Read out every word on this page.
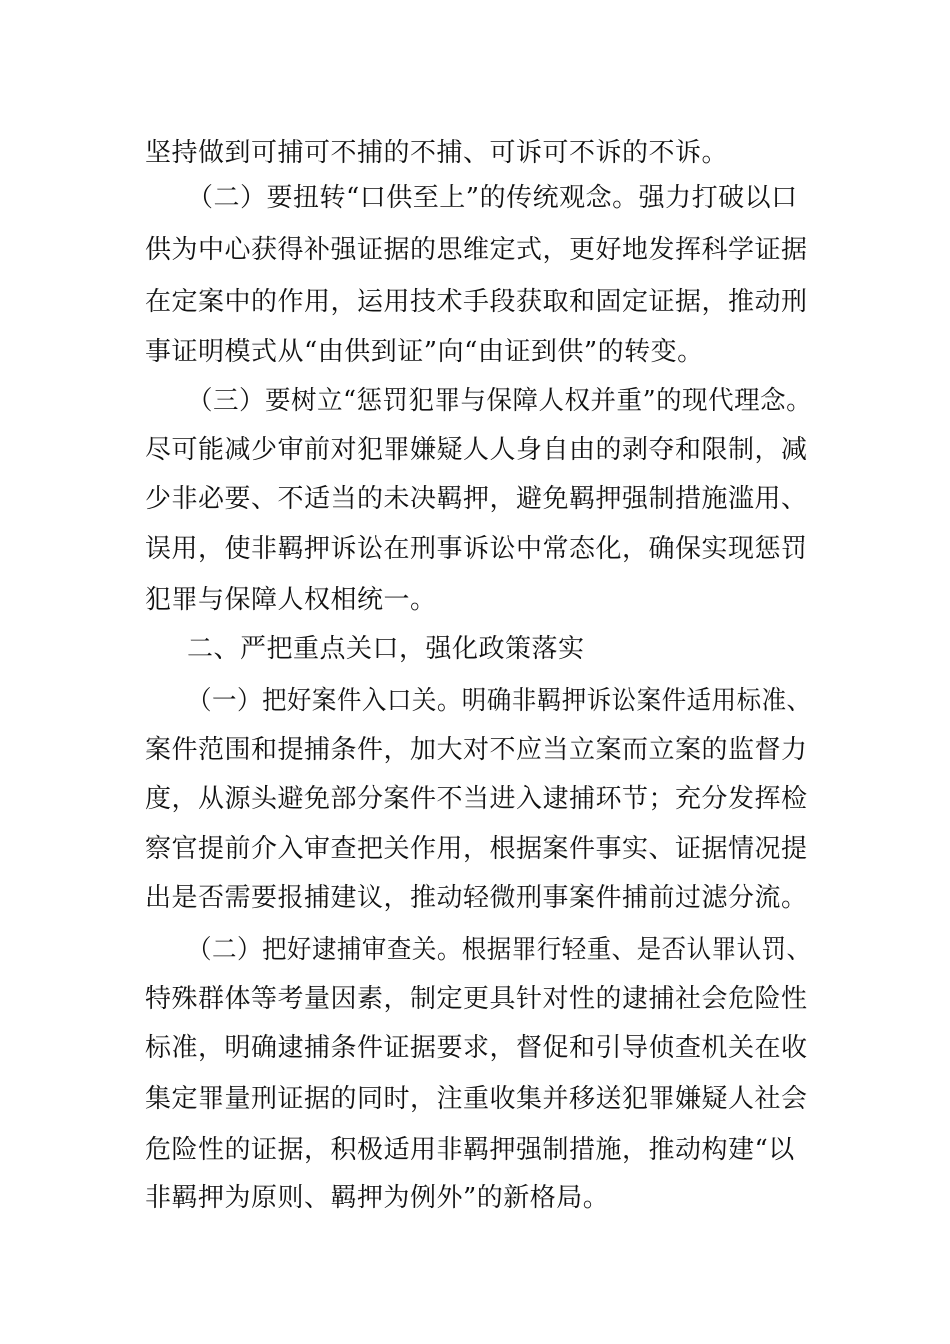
坚持做到可捕可不捕的不捕、可诉可不诉的不诉。
（二）要扭转“口供至上”的传统观念。强力打破以口
供为中心获得补强证据的思维定式，更好地发挥科学证据
在定案中的作用，运用技术手段获取和固定证据，推动刑
事证明模式从“由供到证”向“由证到供”的转变。
（三）要树立“惩罚犯罪与保障人权并重”的现代理念。
尽可能减少审前对犯罪嫌疑人人身自由的剥夺和限制，减
少非必要、不适当的未决羁押，避免羁押强制措施滥用、
误用，使非羁押诉讼在刑事诉讼中常态化，确保实现惩罚
犯罪与保障人权相统一。
二、严把重点关口，强化政策落实
（一）把好案件入口关。明确非羁押诉讼案件适用标准、
案件范围和提捕条件，加大对不应当立案而立案的监督力
度，从源头避免部分案件不当进入逮捕环节；充分发挥检
察官提前介入审查把关作用，根据案件事实、证据情况提
出是否需要报捕建议，推动轻微刑事案件捕前过滤分流。
（二）把好逮捕审查关。根据罪行轻重、是否认罪认罚、
特殊群体等考量因素，制定更具针对性的逮捕社会危险性
标准，明确逮捕条件证据要求，督促和引导侦查机关在收
集定罪量刑证据的同时，注重收集并移送犯罪嫌疑人社会
危险性的证据，积极适用非羁押强制措施，推动构建“以
非羁押为原则、羁押为例外”的新格局。
